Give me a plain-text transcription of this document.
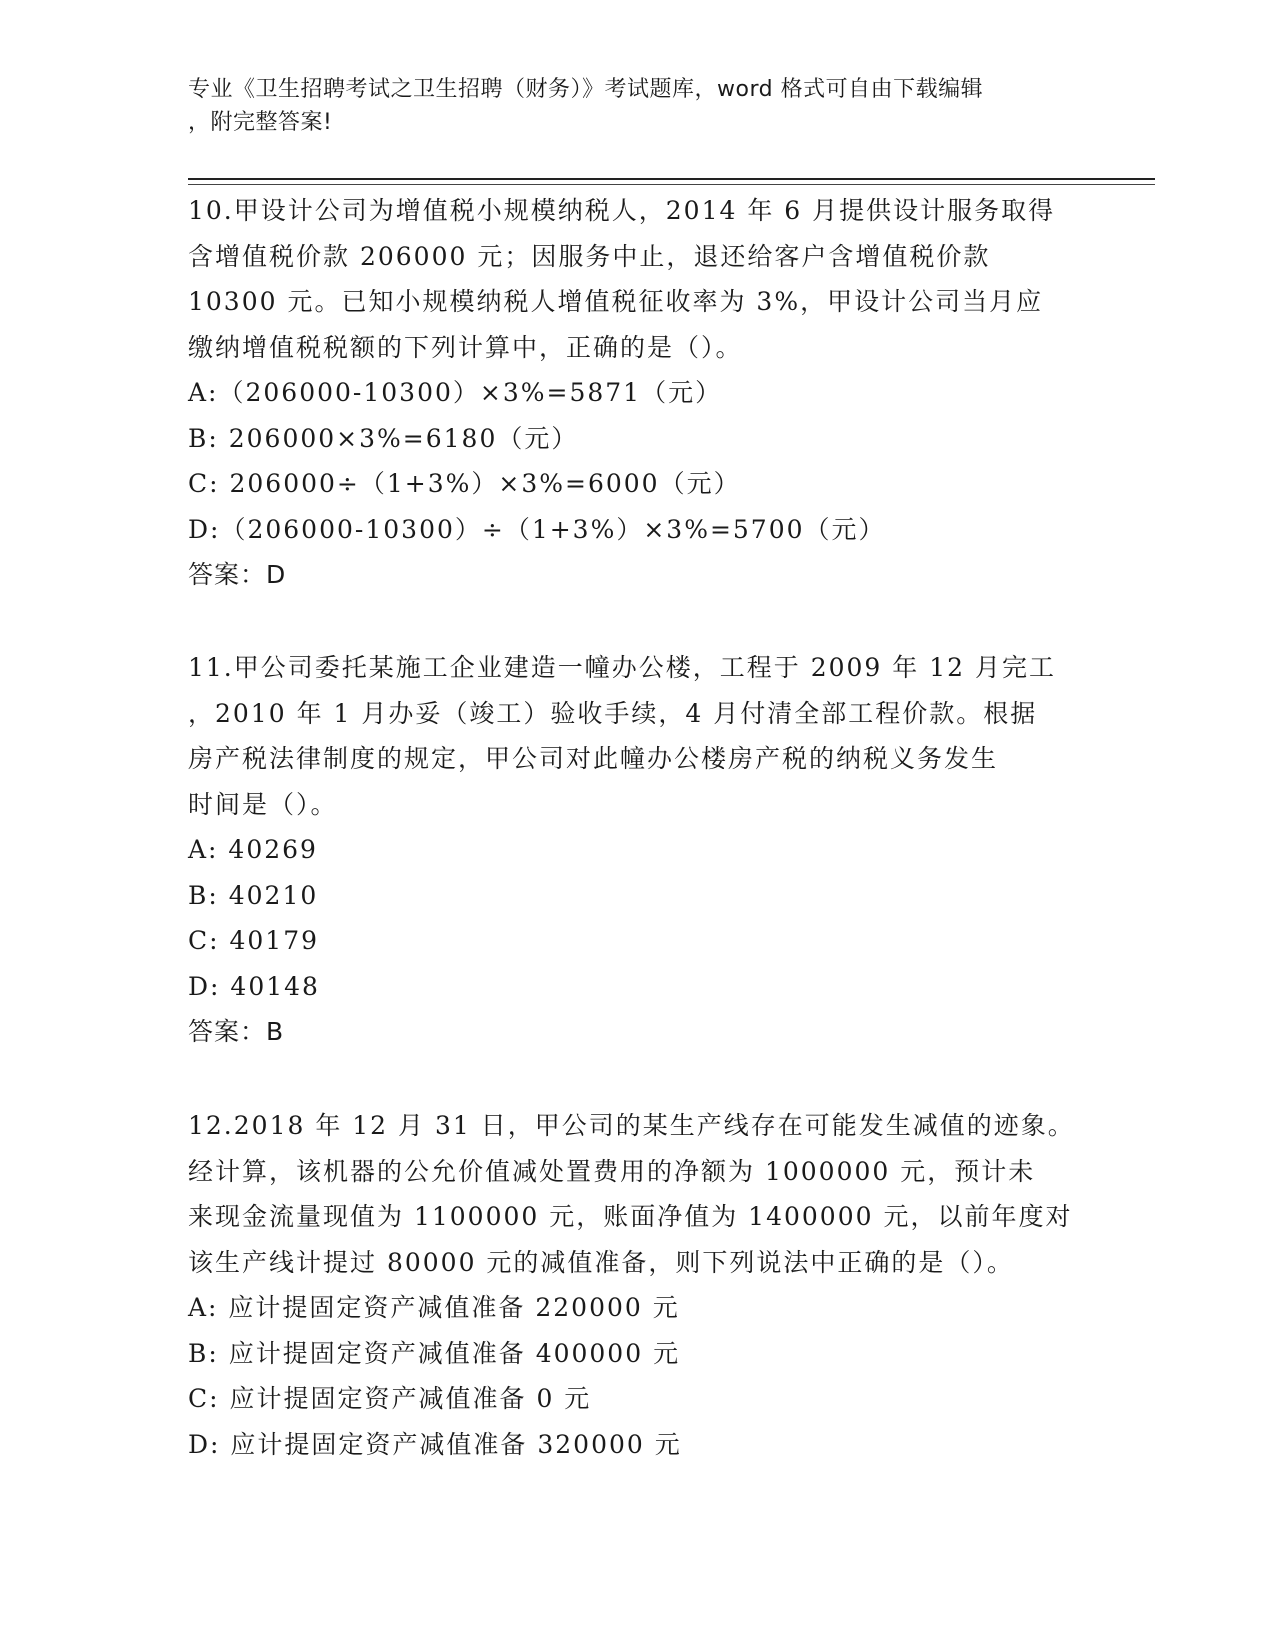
专业《卫生招聘考试之卫生招聘（财务）》考试题库，word 格式可自由下载编辑
，附完整答案!
10.甲设计公司为增值税小规模纳税人，2014 年 6 月提供设计服务取得
含增值税价款 206000 元；因服务中止，退还给客户含增值税价款
10300 元。已知小规模纳税人增值税征收率为 3%，甲设计公司当月应
缴纳增值税税额的下列计算中，正确的是（）。
A:（206000-10300）×3%=5871（元）
B: 206000×3%=6180（元）
C: 206000÷（1+3%）×3%=6000（元）
D:（206000-10300）÷（1+3%）×3%=5700（元）
答案：D
11.甲公司委托某施工企业建造一幢办公楼，工程于 2009 年 12 月完工
，2010 年 1 月办妥（竣工）验收手续，4 月付清全部工程价款。根据
房产税法律制度的规定，甲公司对此幢办公楼房产税的纳税义务发生
时间是（）。
A: 40269
B: 40210
C: 40179
D: 40148
答案：B
12.2018 年 12 月 31 日，甲公司的某生产线存在可能发生减值的迹象。
经计算，该机器的公允价值减处置费用的净额为 1000000 元，预计未
来现金流量现值为 1100000 元，账面净值为 1400000 元，以前年度对
该生产线计提过 80000 元的减值准备，则下列说法中正确的是（）。
A: 应计提固定资产减值准备 220000 元
B: 应计提固定资产减值准备 400000 元
C: 应计提固定资产减值准备 0 元
D: 应计提固定资产减值准备 320000 元
